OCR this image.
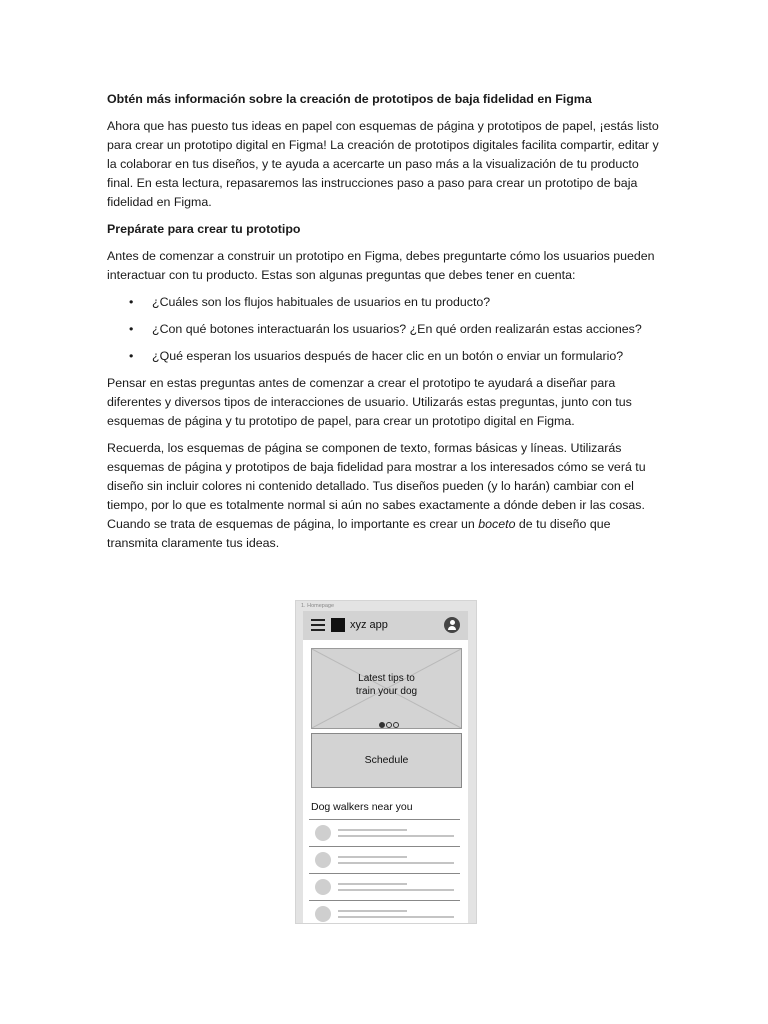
Obtén más información sobre la creación de prototipos de baja fidelidad en Figma

Ahora que has puesto tus ideas en papel con esquemas de página y prototipos de papel, ¡estás listo para crear un prototipo digital en Figma! La creación de prototipos digitales facilita compartir, editar y la colaborar en tus diseños, y te ayuda a acercarte un paso más a la visualización de tu producto final. En esta lectura, repasaremos las instrucciones paso a paso para crear un prototipo de baja fidelidad en Figma.

Prepárate para crear tu prototipo

Antes de comenzar a construir un prototipo en Figma, debes preguntarte cómo los usuarios pueden interactuar con tu producto. Estas son algunas preguntas que debes tener en cuenta:

• ¿Cuáles son los flujos habituales de usuarios en tu producto?
• ¿Con qué botones interactuarán los usuarios? ¿En qué orden realizarán estas acciones?
• ¿Qué esperan los usuarios después de hacer clic en un botón o enviar un formulario?

Pensar en estas preguntas antes de comenzar a crear el prototipo te ayudará a diseñar para diferentes y diversos tipos de interacciones de usuario. Utilizarás estas preguntas, junto con tus esquemas de página y tu prototipo de papel, para crear un prototipo digital en Figma.

Recuerda, los esquemas de página se componen de texto, formas básicas y líneas. Utilizarás esquemas de página y prototipos de baja fidelidad para mostrar a los interesados cómo se verá tu diseño sin incluir colores ni contenido detallado. Tus diseños pueden (y lo harán) cambiar con el tiempo, por lo que es totalmente normal si aún no sabes exactamente a dónde deben ir las cosas. Cuando se trata de esquemas de página, lo importante es crear un boceto de tu diseño que transmita claramente tus ideas.

1. Homepage
xyz app
Latest tips to
train your dog
Schedule
Dog walkers near you
